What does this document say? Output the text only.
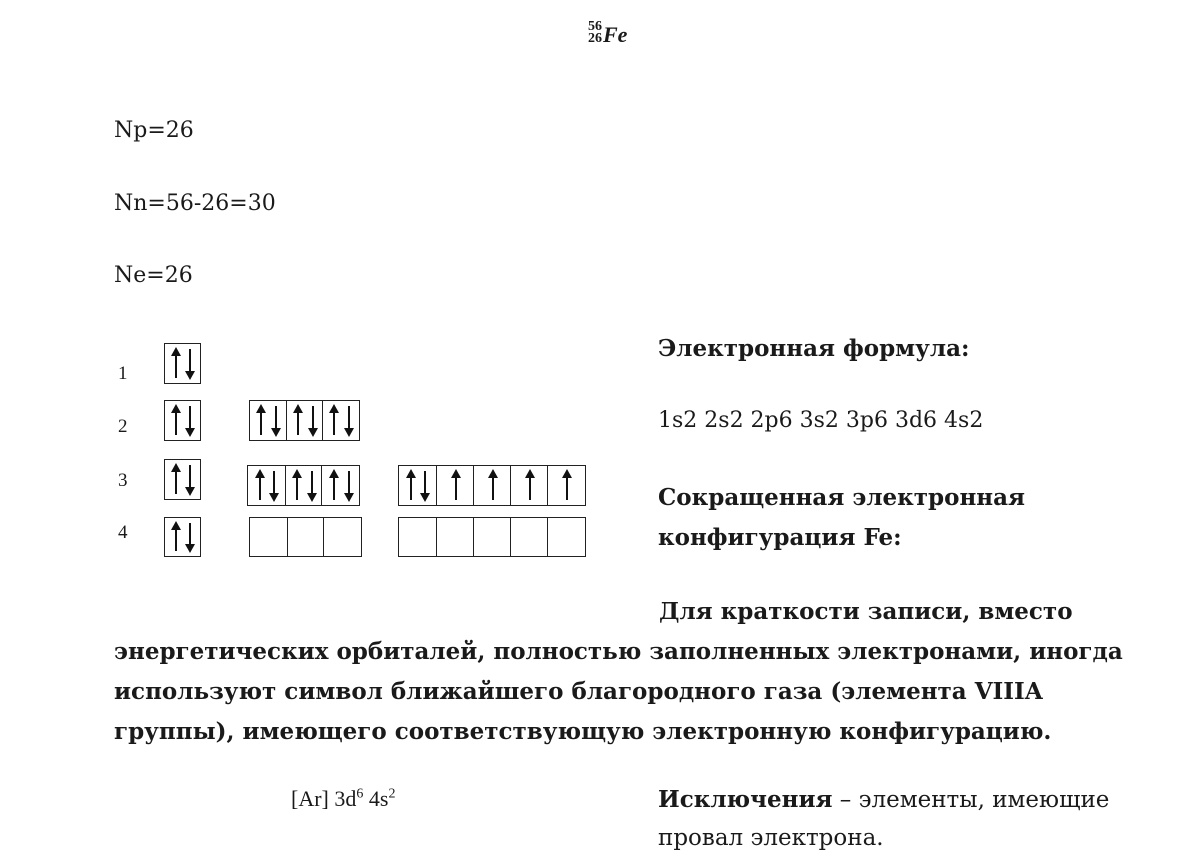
56
26 Fe
Np=26
Nn=56-26=30
Ne=26
1
2
3
4
Электронная формула:
1s2 2s2 2p6 3s2 3p6 3d6 4s2
Сокращенная электронная конфигурация Fe:
Для краткости записи, вместо энергетических орбиталей, полностью заполненных электронами, иногда используют символ ближайшего благородного газа (элемента VIIIA группы), имеющего соответствующую электронную конфигурацию.
[Ar] $3d^6$ $4s^2$	Исключения – элементы, имеющие провал электрона.
